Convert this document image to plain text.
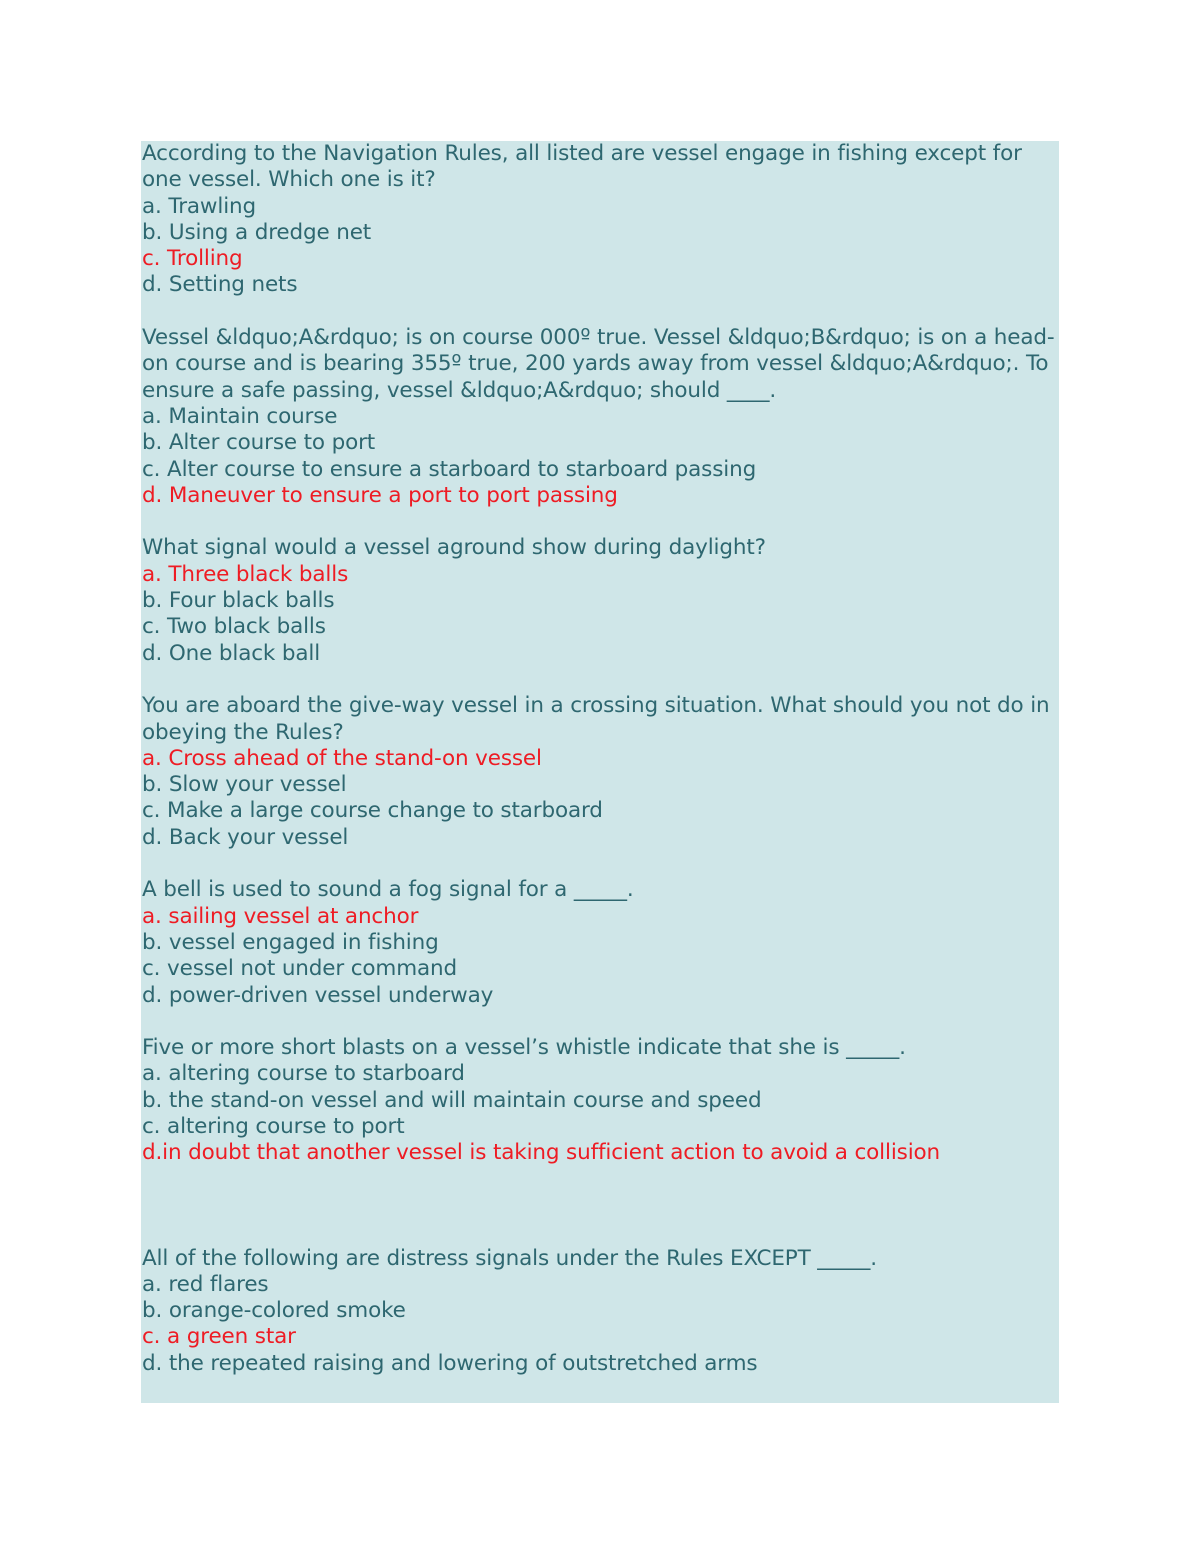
According to the Navigation Rules, all listed are vessel engage in fishing except for one vessel. Which one is it?
a. Trawling
b. Using a dredge net
c. Trolling
d. Setting nets
Vessel &ldquo;A&rdquo; is on course 000º true. Vessel &ldquo;B&rdquo; is on a head-on course and is bearing 355º true, 200 yards away from vessel &ldquo;A&rdquo;. To ensure a safe passing, vessel &ldquo;A&rdquo; should ____.
a. Maintain course
b. Alter course to port
c. Alter course to ensure a starboard to starboard passing
d. Maneuver to ensure a port to port passing
What signal would a vessel aground show during daylight?
a. Three black balls
b. Four black balls
c. Two black balls
d. One black ball
You are aboard the give-way vessel in a crossing situation. What should you not do in obeying the Rules?
a. Cross ahead of the stand-on vessel
b. Slow your vessel
c. Make a large course change to starboard
d. Back your vessel
A bell is used to sound a fog signal for a _____.
a. sailing vessel at anchor
b. vessel engaged in fishing
c. vessel not under command
d. power-driven vessel underway
Five or more short blasts on a vessel’s whistle indicate that she is _____.
a. altering course to starboard
b. the stand-on vessel and will maintain course and speed
c. altering course to port
d.in doubt that another vessel is taking sufficient action to avoid a collision
All of the following are distress signals under the Rules EXCEPT _____.
a. red flares
b. orange-colored smoke
c. a green star
d. the repeated raising and lowering of outstretched arms
